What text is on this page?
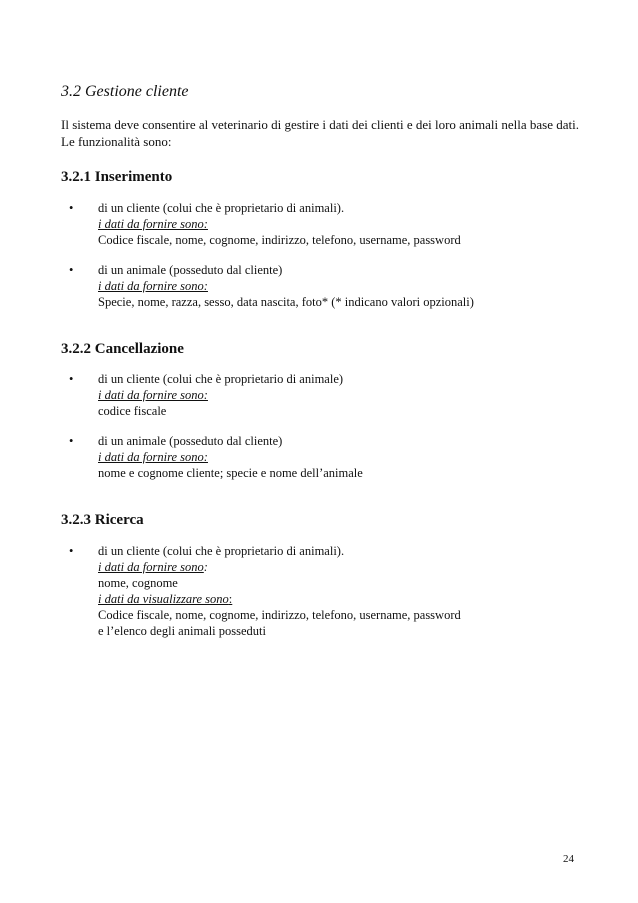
3.2 Gestione cliente

Il sistema deve consentire al veterinario di gestire i dati dei clienti e dei loro animali nella base dati.
Le funzionalità sono:

3.2.1 Inserimento
• di un cliente (colui che è proprietario di animali).
i dati da fornire sono:
Codice fiscale, nome, cognome, indirizzo, telefono, username, password
• di un animale (posseduto dal cliente)
i dati da fornire sono:
Specie, nome, razza, sesso, data nascita, foto* (* indicano valori opzionali)
3.2.2 Cancellazione
• di un cliente (colui che è proprietario di animale)
i dati da fornire sono:
codice fiscale
• di un animale (posseduto dal cliente)
i dati da fornire sono:
nome e cognome cliente; specie e nome dell’animale
3.2.3 Ricerca
• di un cliente (colui che è proprietario di animali).
i dati da fornire sono:
nome, cognome
i dati da visualizzare sono:
Codice fiscale, nome, cognome, indirizzo, telefono, username, password
e l’elenco degli animali posseduti
24
